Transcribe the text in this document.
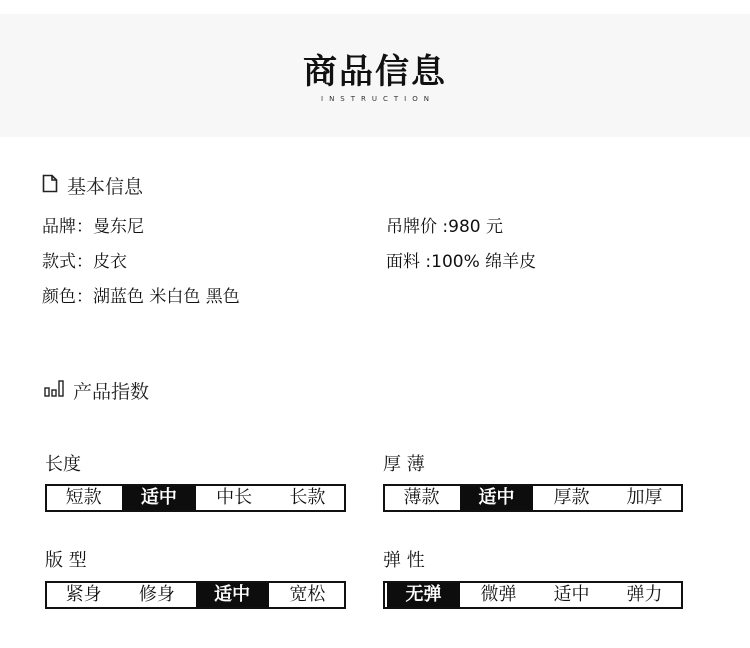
商品信息
INSTRUCTION
基本信息
品牌：曼东尼	吊牌价 :980 元
款式：皮衣	面料 :100% 绵羊皮
颜色：湖蓝色 米白色 黑色
产品指数
长度
短款	适中	中长	长款
厚 薄
薄款	适中	厚款	加厚
版 型
紧身	修身	适中	宽松
弹 性
无弹	微弹	适中	弹力
